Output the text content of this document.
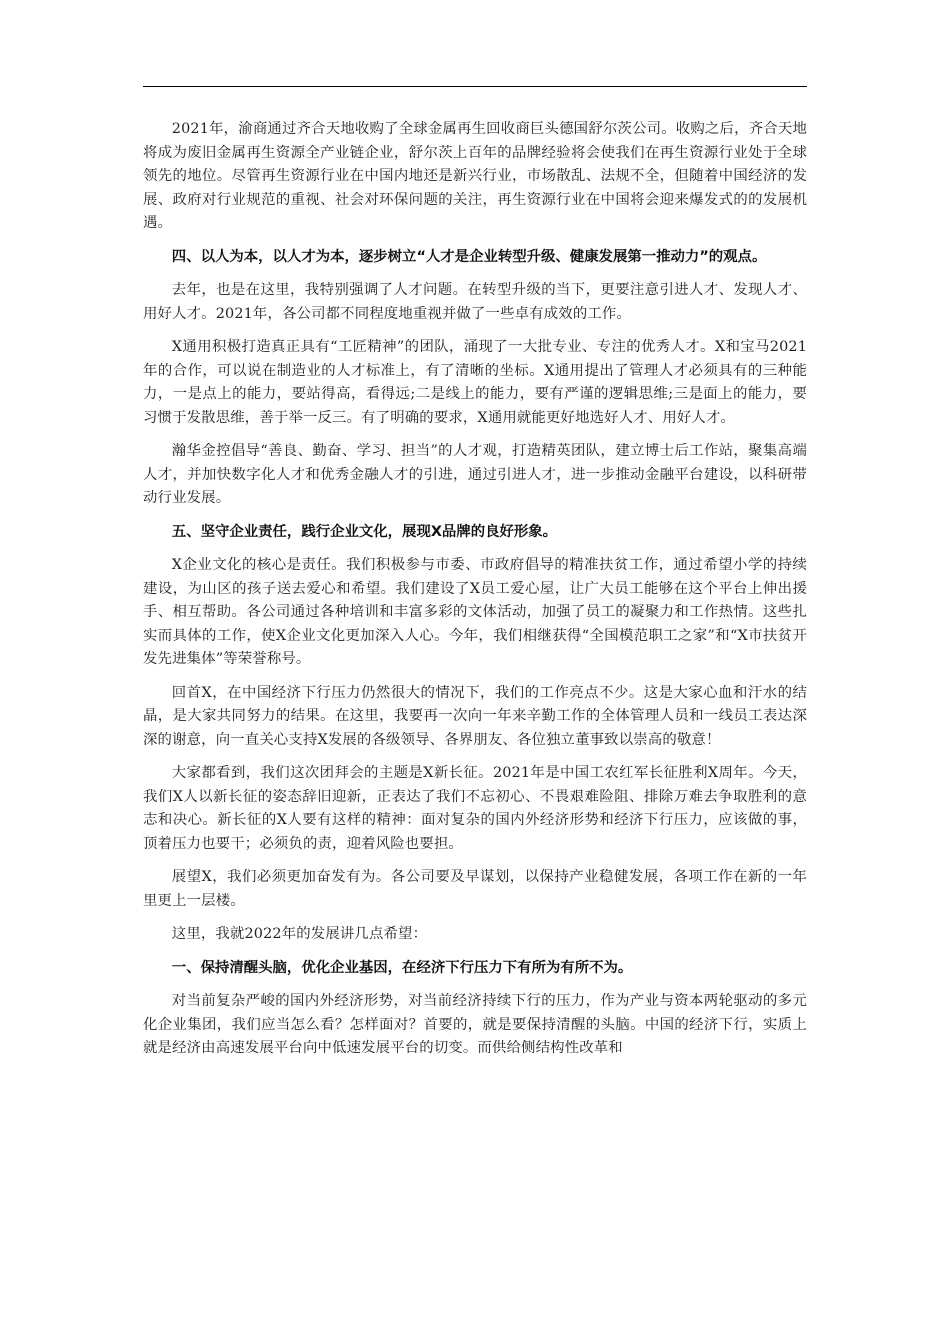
2021年，渝商通过齐合天地收购了全球金属再生回收商巨头德国舒尔茨公司。收购之后，齐合天地将成为废旧金属再生资源全产业链企业，舒尔茨上百年的品牌经验将会使我们在再生资源行业处于全球领先的地位。尽管再生资源行业在中国内地还是新兴行业，市场散乱、法规不全，但随着中国经济的发展、政府对行业规范的重视、社会对环保问题的关注，再生资源行业在中国将会迎来爆发式的的发展机遇。

四、以人为本，以人才为本，逐步树立“人才是企业转型升级、健康发展第一推动力”的观点。

去年，也是在这里，我特别强调了人才问题。在转型升级的当下，更要注意引进人才、发现人才、用好人才。2021年，各公司都不同程度地重视并做了一些卓有成效的工作。

X通用积极打造真正具有“工匠精神”的团队，涌现了一大批专业、专注的优秀人才。X和宝马2021年的合作，可以说在制造业的人才标准上，有了清晰的坐标。X通用提出了管理人才必须具有的三种能力，一是点上的能力，要站得高，看得远;二是线上的能力，要有严谨的逻辑思维;三是面上的能力，要习惯于发散思维，善于举一反三。有了明确的要求，X通用就能更好地选好人才、用好人才。

瀚华金控倡导“善良、勤奋、学习、担当”的人才观，打造精英团队，建立博士后工作站，聚集高端人才，并加快数字化人才和优秀金融人才的引进，通过引进人才，进一步推动金融平台建设，以科研带动行业发展。

五、坚守企业责任，践行企业文化，展现X品牌的良好形象。

X企业文化的核心是责任。我们积极参与市委、市政府倡导的精准扶贫工作，通过希望小学的持续建设，为山区的孩子送去爱心和希望。我们建设了X员工爱心屋，让广大员工能够在这个平台上伸出援手、相互帮助。各公司通过各种培训和丰富多彩的文体活动，加强了员工的凝聚力和工作热情。这些扎实而具体的工作，使X企业文化更加深入人心。今年，我们相继获得“全国模范职工之家”和“X市扶贫开发先进集体”等荣誉称号。

回首X，在中国经济下行压力仍然很大的情况下，我们的工作亮点不少。这是大家心血和汗水的结晶，是大家共同努力的结果。在这里，我要再一次向一年来辛勤工作的全体管理人员和一线员工表达深深的谢意，向一直关心支持X发展的各级领导、各界朋友、各位独立董事致以崇高的敬意！

大家都看到，我们这次团拜会的主题是X新长征。2021年是中国工农红军长征胜利X周年。今天，我们X人以新长征的姿态辞旧迎新，正表达了我们不忘初心、不畏艰难险阻、排除万难去争取胜利的意志和决心。新长征的X人要有这样的精神：面对复杂的国内外经济形势和经济下行压力，应该做的事，顶着压力也要干；必须负的责，迎着风险也要担。

展望X，我们必须更加奋发有为。各公司要及早谋划，以保持产业稳健发展，各项工作在新的一年里更上一层楼。

这里，我就2022年的发展讲几点希望：

一、保持清醒头脑，优化企业基因，在经济下行压力下有所为有所不为。

对当前复杂严峻的国内外经济形势，对当前经济持续下行的压力，作为产业与资本两轮驱动的多元化企业集团，我们应当怎么看？怎样面对？首要的，就是要保持清醒的头脑。中国的经济下行，实质上就是经济由高速发展平台向中低速发展平台的切变。而供给侧结构性改革和
